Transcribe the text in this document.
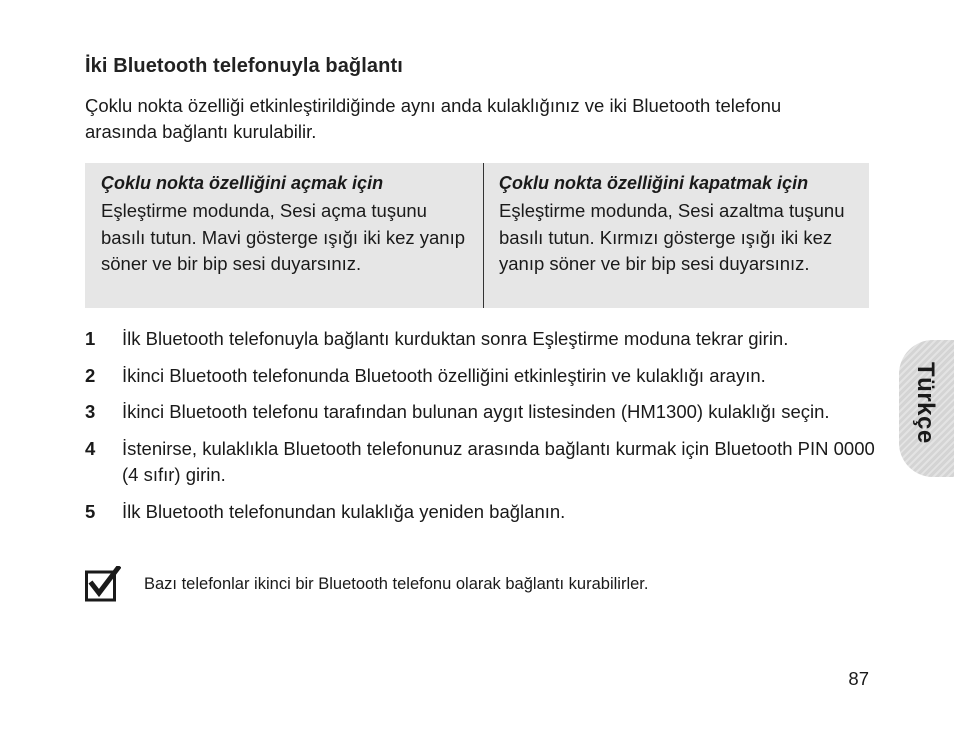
İki Bluetooth telefonuyla bağlantı
Çoklu nokta özelliği etkinleştirildiğinde aynı anda kulaklığınız ve iki Bluetooth telefonu arasında bağlantı kurulabilir.
Çoklu nokta özelliğini açmak için
Eşleştirme modunda, Sesi açma tuşunu basılı tutun. Mavi gösterge ışığı iki kez yanıp söner ve bir bip sesi duyarsınız.
Çoklu nokta özelliğini kapatmak için
Eşleştirme modunda, Sesi azaltma tuşunu basılı tutun. Kırmızı gösterge ışığı iki kez yanıp söner ve bir bip sesi duyarsınız.
1	İlk Bluetooth telefonuyla bağlantı kurduktan sonra Eşleştirme moduna tekrar girin.
2	İkinci Bluetooth telefonunda Bluetooth özelliğini etkinleştirin ve kulaklığı arayın.
3	İkinci Bluetooth telefonu tarafından bulunan aygıt listesinden (HM1300) kulaklığı seçin.
4	İstenirse, kulaklıkla Bluetooth telefonunuz arasında bağlantı kurmak için Bluetooth PIN 0000 (4 sıfır) girin.
5	İlk Bluetooth telefonundan kulaklığa yeniden bağlanın.
Bazı telefonlar ikinci bir Bluetooth telefonu olarak bağlantı kurabilirler.
Türkçe
87
